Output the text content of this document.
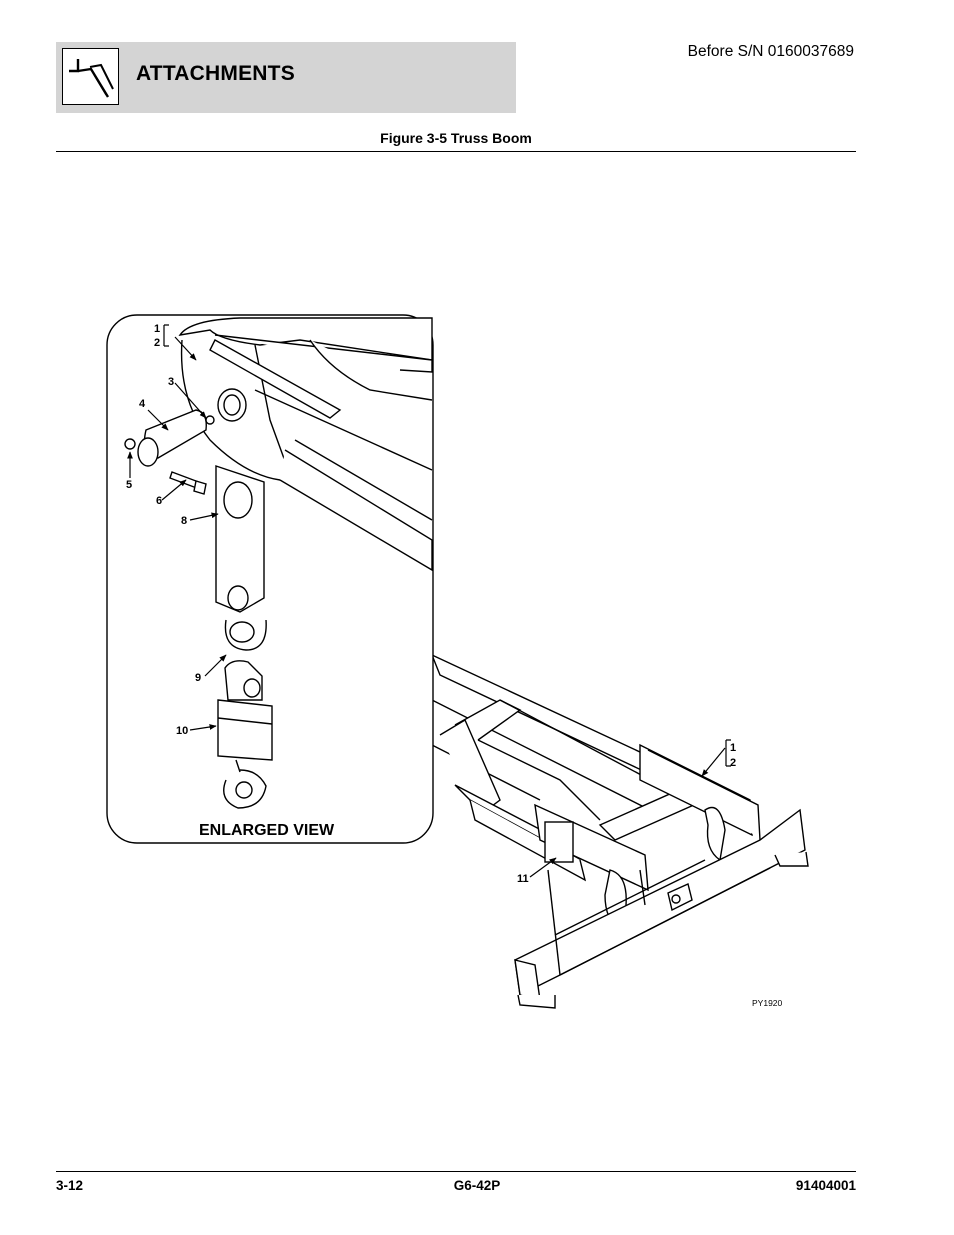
ATTACHMENTS
Before S/N 0160037689
Figure 3-5 Truss Boom
1
2
3
4
5
6
8
9
10
1
2
11
ENLARGED VIEW
PY1920
3-12	G6-42P	91404001
